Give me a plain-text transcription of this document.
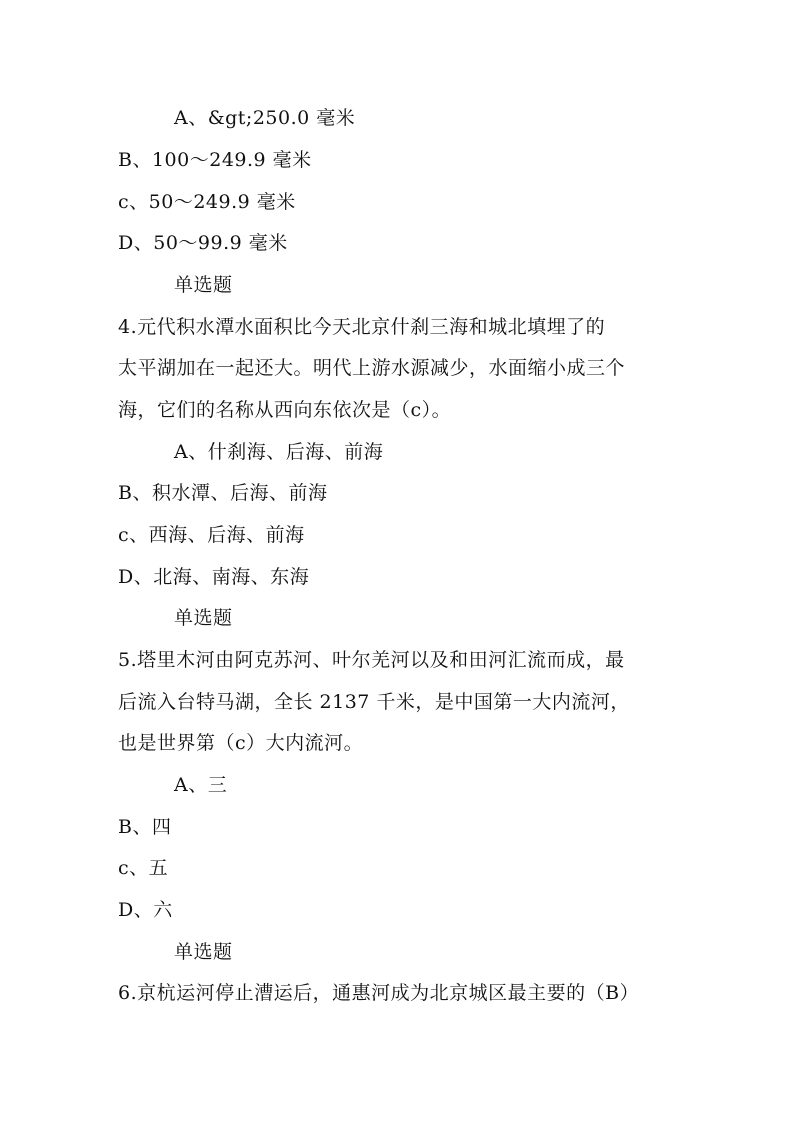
A、&gt;250.0 毫米
B、100～249.9 毫米
c、50～249.9 毫米
D、50～99.9 毫米
单选题
4.元代积水潭水面积比今天北京什刹三海和城北填埋了的
太平湖加在一起还大。明代上游水源减少，水面缩小成三个
海，它们的名称从西向东依次是（c）。
A、什刹海、后海、前海
B、积水潭、后海、前海
c、西海、后海、前海
D、北海、南海、东海
单选题
5.塔里木河由阿克苏河、叶尔羌河以及和田河汇流而成，最
后流入台特马湖，全长 2137 千米，是中国第一大内流河，
也是世界第（c）大内流河。
A、三
B、四
c、五
D、六
单选题
6.京杭运河停止漕运后，通惠河成为北京城区最主要的（B）
